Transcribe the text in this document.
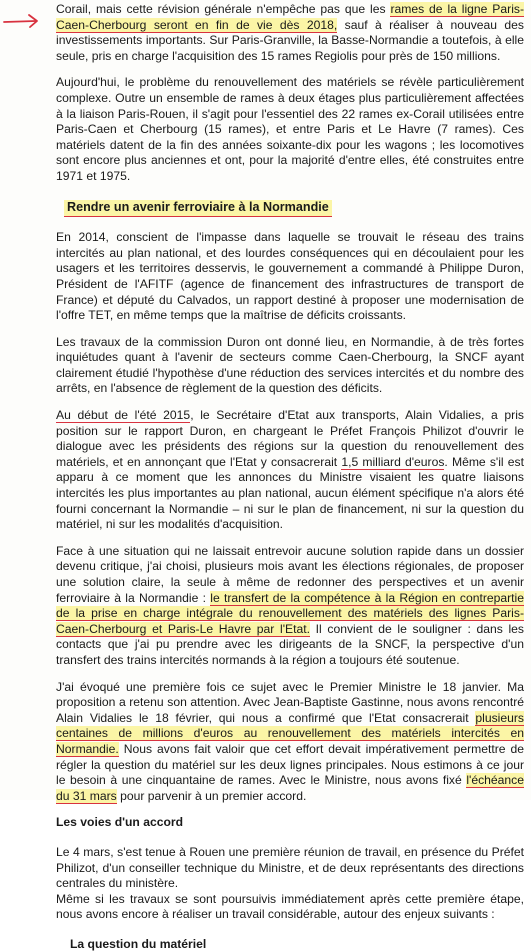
Corail, mais cette révision générale n'empêche pas que les rames de la ligne Paris-Caen-Cherbourg seront en fin de vie dès 2018, sauf à réaliser à nouveau des investissements importants. Sur Paris-Granville, la Basse-Normandie a toutefois, à elle seule, pris en charge l'acquisition des 15 rames Regiolis pour près de 150 millions.

Aujourd'hui, le problème du renouvellement des matériels se révèle particulièrement complexe. Outre un ensemble de rames à deux étages plus particulièrement affectées à la liaison Paris-Rouen, il s'agit pour l'essentiel des 22 rames ex-Corail utilisées entre Paris-Caen et Cherbourg (15 rames), et entre Paris et Le Havre (7 rames). Ces matériels datent de la fin des années soixante-dix pour les wagons ; les locomotives sont encore plus anciennes et ont, pour la majorité d'entre elles, été construites entre 1971 et 1975.

Rendre un avenir ferroviaire à la Normandie

En 2014, conscient de l'impasse dans laquelle se trouvait le réseau des trains intercités au plan national, et des lourdes conséquences qui en découlaient pour les usagers et les territoires desservis, le gouvernement a commandé à Philippe Duron, Président de l'AFITF (agence de financement des infrastructures de transport de France) et député du Calvados, un rapport destiné à proposer une modernisation de l'offre TET, en même temps que la maîtrise de déficits croissants.

Les travaux de la commission Duron ont donné lieu, en Normandie, à de très fortes inquiétudes quant à l'avenir de secteurs comme Caen-Cherbourg, la SNCF ayant clairement étudié l'hypothèse d'une réduction des services intercités et du nombre des arrêts, en l'absence de règlement de la question des déficits.

Au début de l'été 2015, le Secrétaire d'Etat aux transports, Alain Vidalies, a pris position sur le rapport Duron, en chargeant le Préfet François Philizot d'ouvrir le dialogue avec les présidents des régions sur la question du renouvellement des matériels, et en annonçant que l'Etat y consacrerait 1,5 milliard d'euros. Même s'il est apparu à ce moment que les annonces du Ministre visaient les quatre liaisons intercités les plus importantes au plan national, aucun élément spécifique n'a alors été fourni concernant la Normandie – ni sur le plan de financement, ni sur la question du matériel, ni sur les modalités d'acquisition.

Face à une situation qui ne laissait entrevoir aucune solution rapide dans un dossier devenu critique, j'ai choisi, plusieurs mois avant les élections régionales, de proposer une solution claire, la seule à même de redonner des perspectives et un avenir ferroviaire à la Normandie : le transfert de la compétence à la Région en contrepartie de la prise en charge intégrale du renouvellement des matériels des lignes Paris-Caen-Cherbourg et Paris-Le Havre par l'Etat. Il convient de le souligner : dans les contacts que j'ai pu prendre avec les dirigeants de la SNCF, la perspective d'un transfert des trains intercités normands à la région a toujours été soutenue.

J'ai évoqué une première fois ce sujet avec le Premier Ministre le 18 janvier. Ma proposition a retenu son attention. Avec Jean-Baptiste Gastinne, nous avons rencontré Alain Vidalies le 18 février, qui nous a confirmé que l'Etat consacrerait plusieurs centaines de millions d'euros au renouvellement des matériels intercités en Normandie. Nous avons fait valoir que cet effort devait impérativement permettre de régler la question du matériel sur les deux lignes principales. Nous estimons à ce jour le besoin à une cinquantaine de rames. Avec le Ministre, nous avons fixé l'échéance du 31 mars pour parvenir à un premier accord.

Les voies d'un accord

Le 4 mars, s'est tenue à Rouen une première réunion de travail, en présence du Préfet Philizot, d'un conseiller technique du Ministre, et de deux représentants des directions centrales du ministère.

Même si les travaux se sont poursuivis immédiatement après cette première étape, nous avons encore à réaliser un travail considérable, autour des enjeux suivants :

La question du matériel
